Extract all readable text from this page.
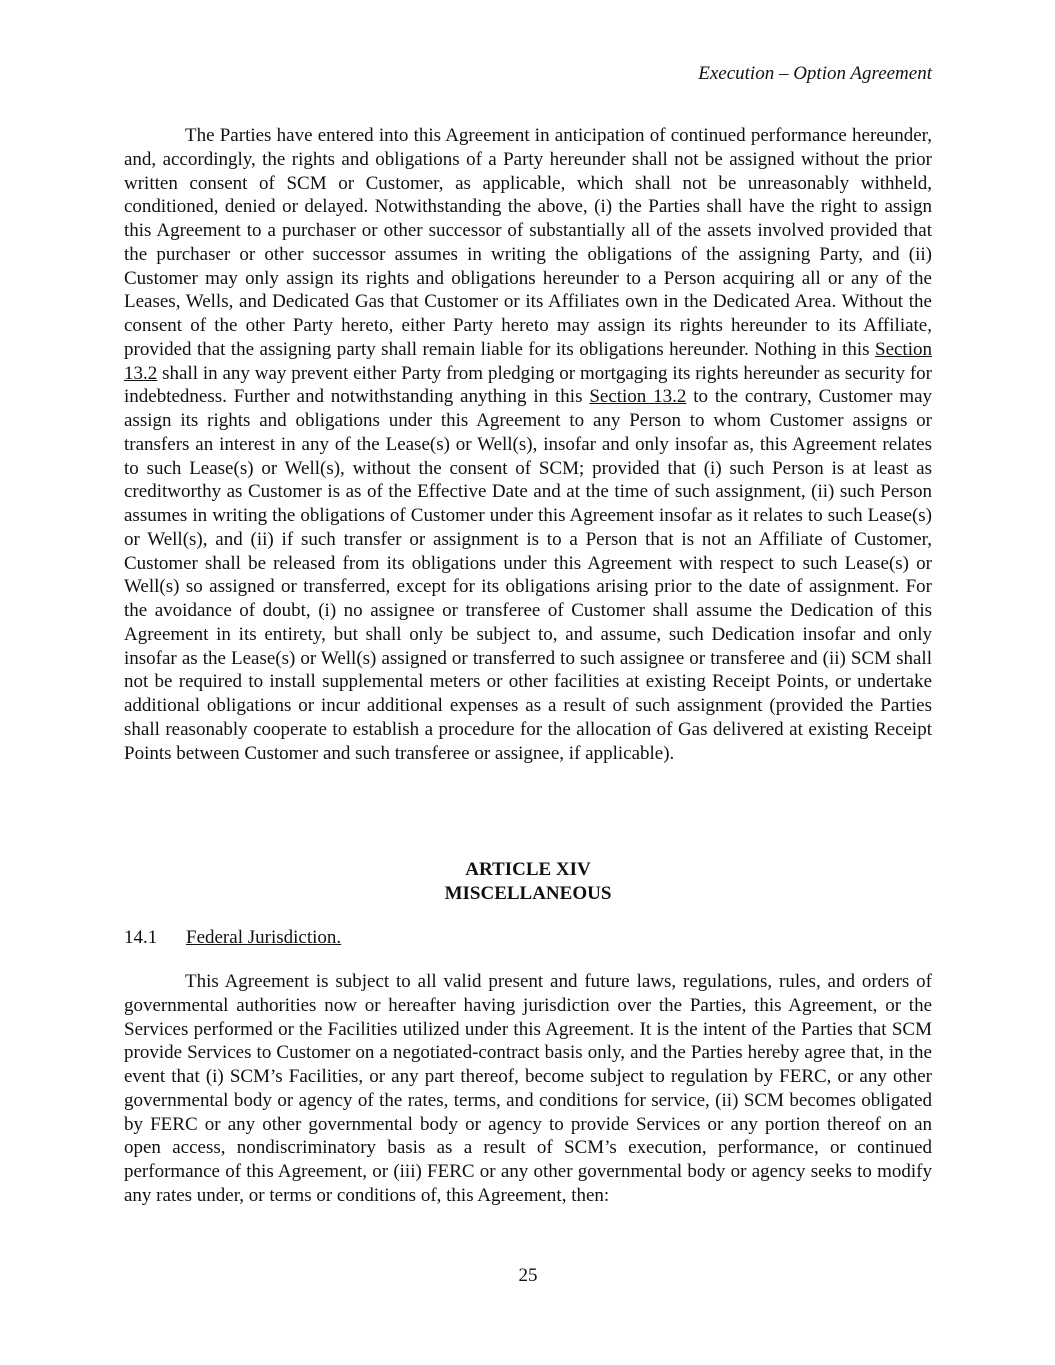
Execution – Option Agreement

The Parties have entered into this Agreement in anticipation of continued performance hereunder, and, accordingly, the rights and obligations of a Party hereunder shall not be assigned without the prior written consent of SCM or Customer, as applicable, which shall not be unreasonably withheld, conditioned, denied or delayed. Notwithstanding the above, (i) the Parties shall have the right to assign this Agreement to a purchaser or other successor of substantially all of the assets involved provided that the purchaser or other successor assumes in writing the obligations of the assigning Party, and (ii) Customer may only assign its rights and obligations hereunder to a Person acquiring all or any of the Leases, Wells, and Dedicated Gas that Customer or its Affiliates own in the Dedicated Area. Without the consent of the other Party hereto, either Party hereto may assign its rights hereunder to its Affiliate, provided that the assigning party shall remain liable for its obligations hereunder. Nothing in this Section 13.2 shall in any way prevent either Party from pledging or mortgaging its rights hereunder as security for indebtedness. Further and notwithstanding anything in this Section 13.2 to the contrary, Customer may assign its rights and obligations under this Agreement to any Person to whom Customer assigns or transfers an interest in any of the Lease(s) or Well(s), insofar and only insofar as, this Agreement relates to such Lease(s) or Well(s), without the consent of SCM; provided that (i) such Person is at least as creditworthy as Customer is as of the Effective Date and at the time of such assignment, (ii) such Person assumes in writing the obligations of Customer under this Agreement insofar as it relates to such Lease(s) or Well(s), and (ii) if such transfer or assignment is to a Person that is not an Affiliate of Customer, Customer shall be released from its obligations under this Agreement with respect to such Lease(s) or Well(s) so assigned or transferred, except for its obligations arising prior to the date of assignment. For the avoidance of doubt, (i) no assignee or transferee of Customer shall assume the Dedication of this Agreement in its entirety, but shall only be subject to, and assume, such Dedication insofar and only insofar as the Lease(s) or Well(s) assigned or transferred to such assignee or transferee and (ii) SCM shall not be required to install supplemental meters or other facilities at existing Receipt Points, or undertake additional obligations or incur additional expenses as a result of such assignment (provided the Parties shall reasonably cooperate to establish a procedure for the allocation of Gas delivered at existing Receipt Points between Customer and such transferee or assignee, if applicable).

ARTICLE XIV
MISCELLANEOUS
14.1 Federal Jurisdiction.

This Agreement is subject to all valid present and future laws, regulations, rules, and orders of governmental authorities now or hereafter having jurisdiction over the Parties, this Agreement, or the Services performed or the Facilities utilized under this Agreement. It is the intent of the Parties that SCM provide Services to Customer on a negotiated-contract basis only, and the Parties hereby agree that, in the event that (i) SCM’s Facilities, or any part thereof, become subject to regulation by FERC, or any other governmental body or agency of the rates, terms, and conditions for service, (ii) SCM becomes obligated by FERC or any other governmental body or agency to provide Services or any portion thereof on an open access, nondiscriminatory basis as a result of SCM’s execution, performance, or continued performance of this Agreement, or (iii) FERC or any other governmental body or agency seeks to modify any rates under, or terms or conditions of, this Agreement, then:

25
